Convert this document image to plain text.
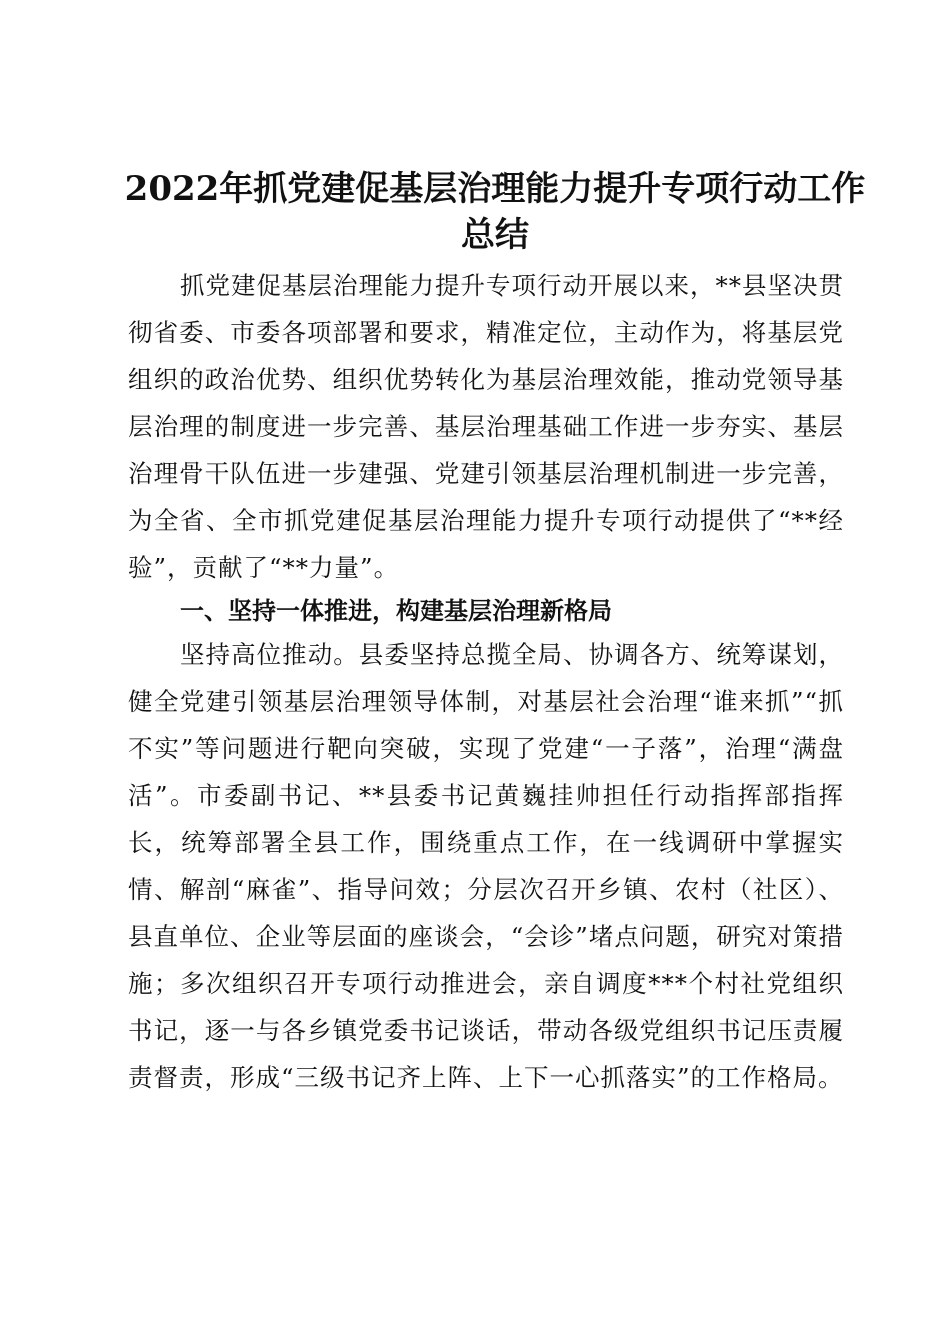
2022年抓党建促基层治理能力提升专项行动工作总结

抓党建促基层治理能力提升专项行动开展以来，**县坚决贯彻省委、市委各项部署和要求，精准定位，主动作为，将基层党组织的政治优势、组织优势转化为基层治理效能，推动党领导基层治理的制度进一步完善、基层治理基础工作进一步夯实、基层治理骨干队伍进一步建强、党建引领基层治理机制进一步完善，为全省、全市抓党建促基层治理能力提升专项行动提供了“**经验”，贡献了“**力量”。

一、坚持一体推进，构建基层治理新格局

坚持高位推动。县委坚持总揽全局、协调各方、统筹谋划，健全党建引领基层治理领导体制，对基层社会治理“谁来抓”“抓不实”等问题进行靶向突破，实现了党建“一子落”，治理“满盘活”。市委副书记、**县委书记黄巍挂帅担任行动指挥部指挥长，统筹部署全县工作，围绕重点工作，在一线调研中掌握实情、解剖“麻雀”、指导问效；分层次召开乡镇、农村（社区）、县直单位、企业等层面的座谈会，“会诊”堵点问题，研究对策措施；多次组织召开专项行动推进会，亲自调度***个村社党组织书记，逐一与各乡镇党委书记谈话，带动各级党组织书记压责履责督责，形成“三级书记齐上阵、上下一心抓落实”的工作格局。
